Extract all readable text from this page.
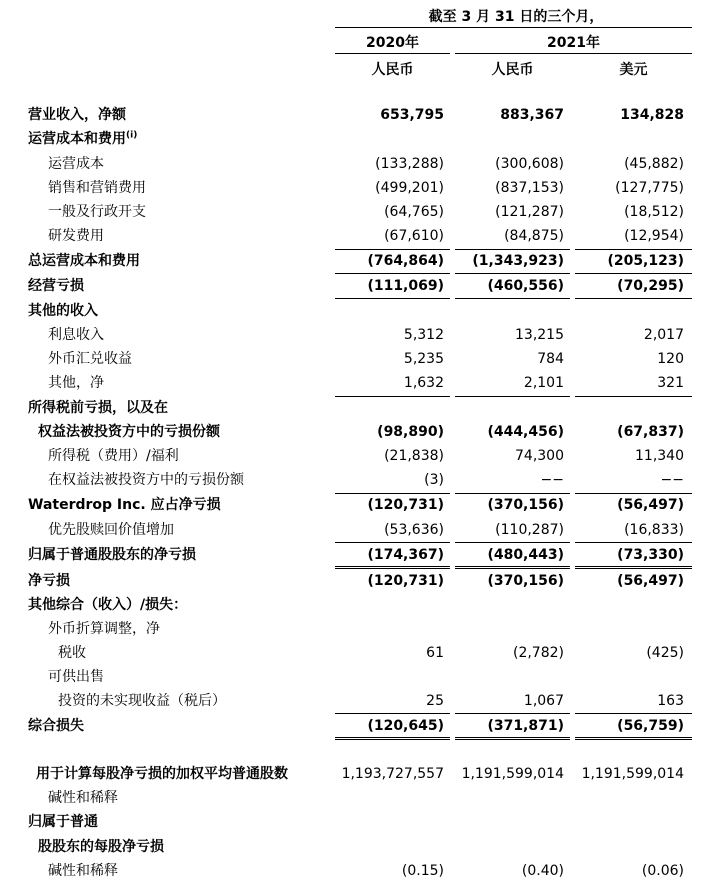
截至 3 月 31 日的三个月，
2020年	2021年
人民币	人民币	美元
营业收入，净额	653,795	883,367	134,828
运营成本和费用$^{(i)}$
运营成本	(133,288)	(300,608)	(45,882)
销售和营销费用	(499,201)	(837,153)	(127,775)
一般及行政开支	(64,765)	(121,287)	(18,512)
研发费用	(67,610)	(84,875)	(12,954)
总运营成本和费用	(764,864) (1,343,923)	(205,123)
经营亏损	(111,069)	(460,556)	(70,295)
其他的收入
利息收入	5,312	13,215	2,017
外币汇兑收益	5,235	784	120
其他，净	1,632	2,101	321
所得税前亏损，以及在
权益法被投资方中的亏损份额	(98,890)	(444,456)	(67,837)
所得税（费用）/福利	(21,838)	74,300	11,340
在权益法被投资方中的亏损份额	(3)	−−	−−
Waterdrop Inc. 应占净亏损	(120,731)	(370,156)	(56,497)
优先股赎回价值增加	(53,636)	(110,287)	(16,833)
归属于普通股股东的净亏损	(174,367)	(480,443)	(73,330)
净亏损	(120,731)	(370,156)	(56,497)
其他综合（收入）/损失：
外币折算调整，净
税收	61	(2,782)	(425)
可供出售
投资的未实现收益（税后）	25	1,067	163
综合损失	(120,645)	(371,871)	(56,759)
用于计算每股净亏损的加权平均普通股数	1,193,727,557 1,191,599,014 1,191,599,014
碱性和稀释
归属于普通
股股东的每股净亏损
碱性和稀释	(0.15)	(0.40)	(0.06)
